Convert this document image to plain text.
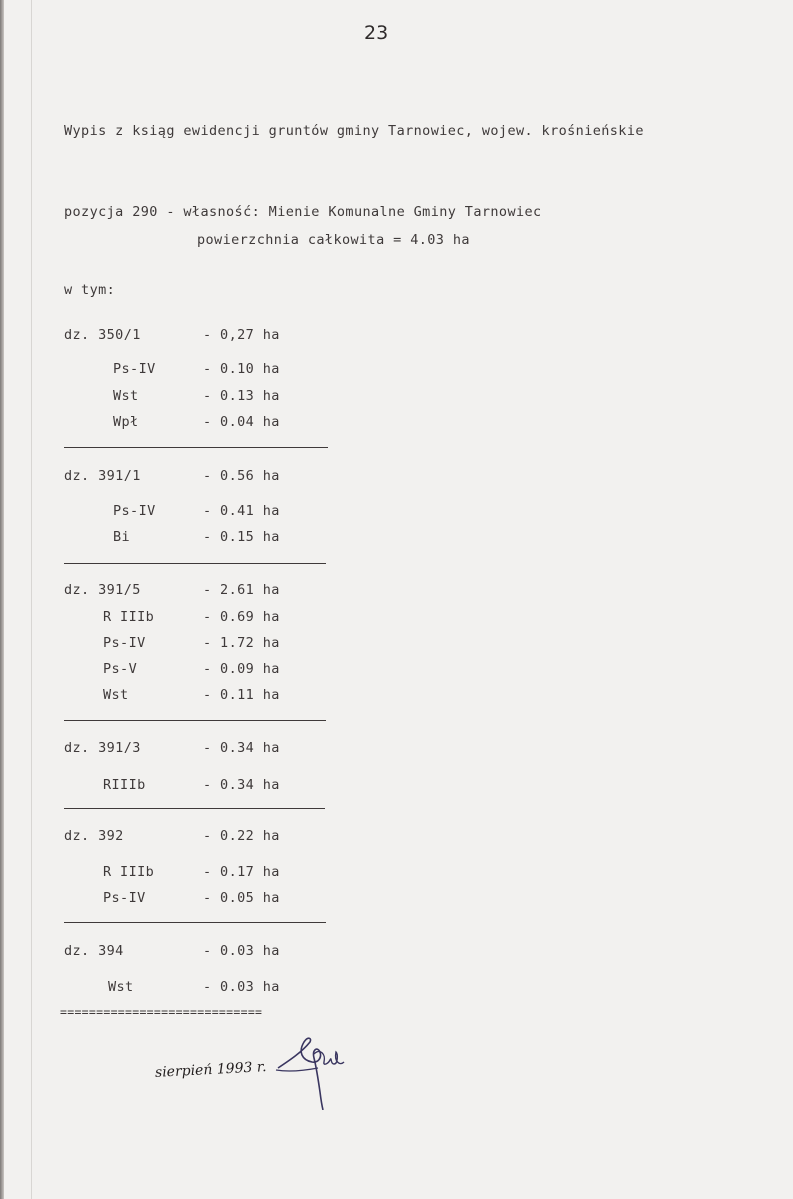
23
Wypis z ksiąg ewidencji gruntów gminy Tarnowiec, wojew. krośnieńskie
pozycja 290 - własność: Mienie Komunalne Gminy Tarnowiec
powierzchnia całkowita = 4.03 ha
w tym:
dz. 350/1	- 0,27 ha
Ps-IV	- 0.10 ha
Wst	- 0.13 ha
Wpł	- 0.04 ha
dz. 391/1	- 0.56 ha
Ps-IV	- 0.41 ha
Bi	- 0.15 ha
dz. 391/5	- 2.61 ha
R IIIb	- 0.69 ha
Ps-IV	- 1.72 ha
Ps-V	- 0.09 ha
Wst	- 0.11 ha
dz. 391/3	- 0.34 ha
RIIIb	- 0.34 ha
dz. 392	- 0.22 ha
R IIIb	- 0.17 ha
Ps-IV	- 0.05 ha
dz. 394	- 0.03 ha
Wst	- 0.03 ha
============================
sierpień 1993 r.
